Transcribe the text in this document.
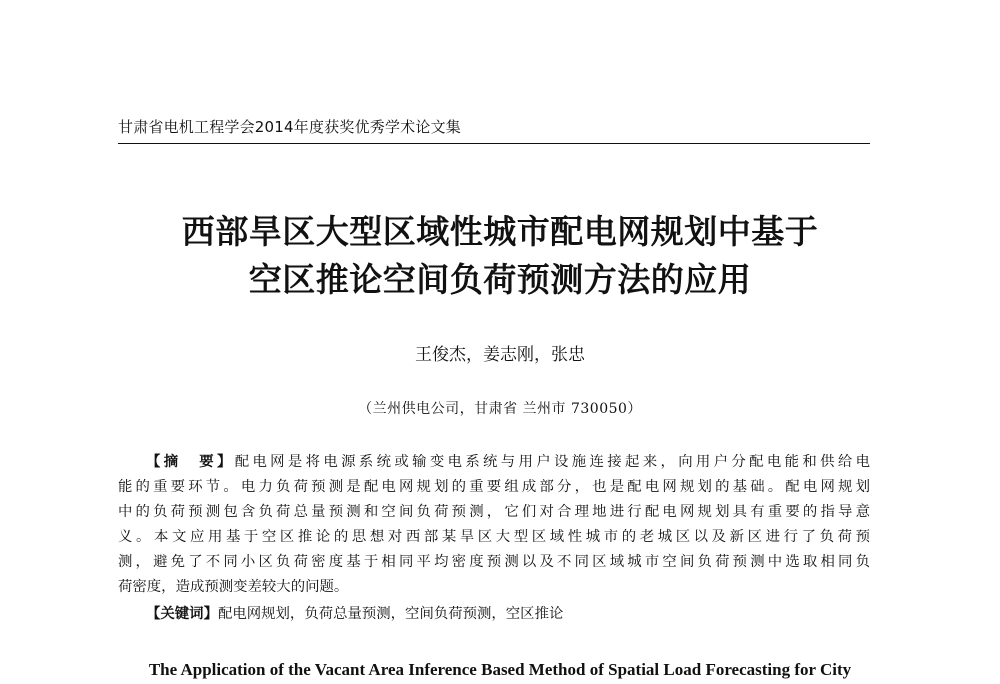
甘肃省电机工程学会2014年度获奖优秀学术论文集
西部旱区大型区域性城市配电网规划中基于
空区推论空间负荷预测方法的应用
王俊杰，姜志刚，张忠
（兰州供电公司，甘肃省 兰州市 730050）
【摘　要】配电网是将电源系统或输变电系统与用户设施连接起来，向用户分配电能和供给电
能的重要环节。电力负荷预测是配电网规划的重要组成部分，也是配电网规划的基础。配电网规划
中的负荷预测包含负荷总量预测和空间负荷预测，它们对合理地进行配电网规划具有重要的指导意
义。本文应用基于空区推论的思想对西部某旱区大型区域性城市的老城区以及新区进行了负荷预
测，避免了不同小区负荷密度基于相同平均密度预测以及不同区域城市空间负荷预测中选取相同负
荷密度，造成预测变差较大的问题。
【关键词】配电网规划，负荷总量预测，空间负荷预测，空区推论
The Application of the Vacant Area Inference Based Method of Spatial Load Forecasting for City
